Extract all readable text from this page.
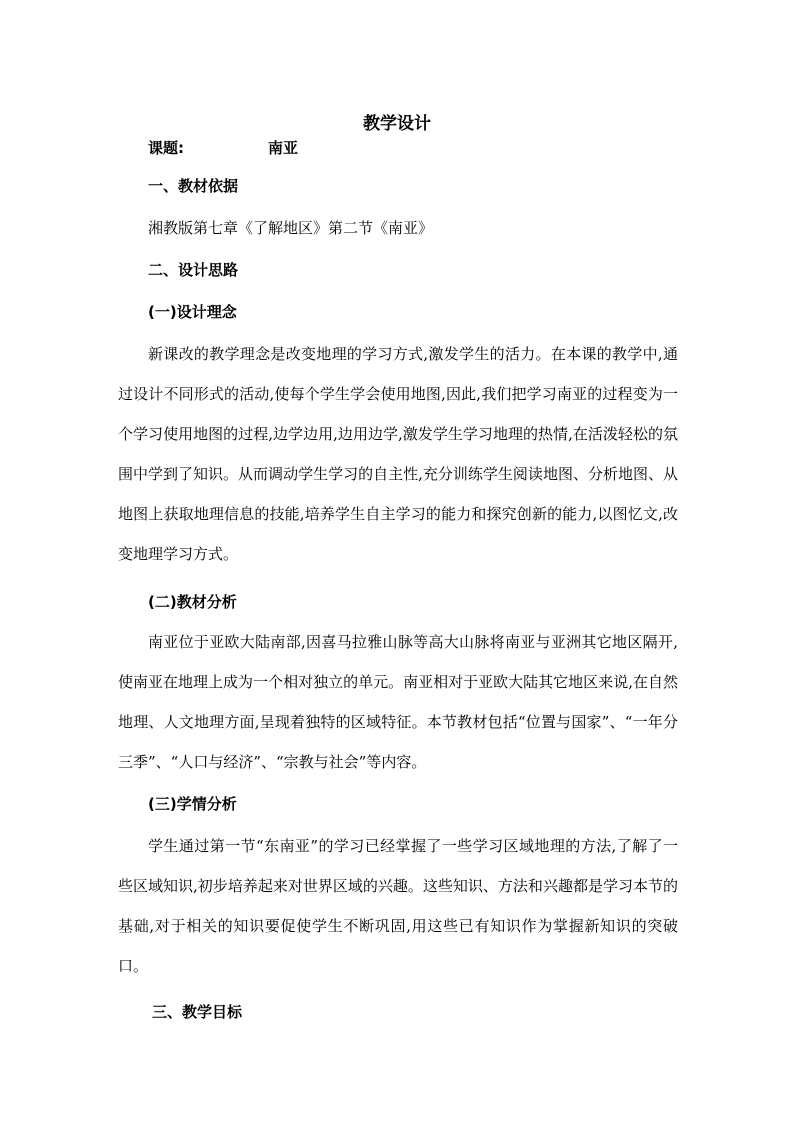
教学设计
课题:	南亚
一、教材依据

湘教版第七章《了解地区》第二节《南亚》

二、设计思路
(一)设计理念

新课改的教学理念是改变地理的学习方式,激发学生的活力。在本课的教学中,通过设计不同形式的活动,使每个学生学会使用地图,因此,我们把学习南亚的过程变为一个学习使用地图的过程,边学边用,边用边学,激发学生学习地理的热情,在活泼轻松的氛围中学到了知识。从而调动学生学习的自主性,充分训练学生阅读地图、分析地图、从地图上获取地理信息的技能,培养学生自主学习的能力和探究创新的能力,以图忆文,改变地理学习方式。

(二)教材分析

南亚位于亚欧大陆南部,因喜马拉雅山脉等高大山脉将南亚与亚洲其它地区隔开,使南亚在地理上成为一个相对独立的单元。南亚相对于亚欧大陆其它地区来说,在自然地理、人文地理方面,呈现着独特的区域特征。本节教材包括“位置与国家”、“一年分三季”、“人口与经济”、“宗教与社会”等内容。

(三)学情分析

学生通过第一节“东南亚”的学习已经掌握了一些学习区域地理的方法,了解了一些区域知识,初步培养起来对世界区域的兴趣。这些知识、方法和兴趣都是学习本节的基础,对于相关的知识要促使学生不断巩固,用这些已有知识作为掌握新知识的突破口。

三、教学目标
